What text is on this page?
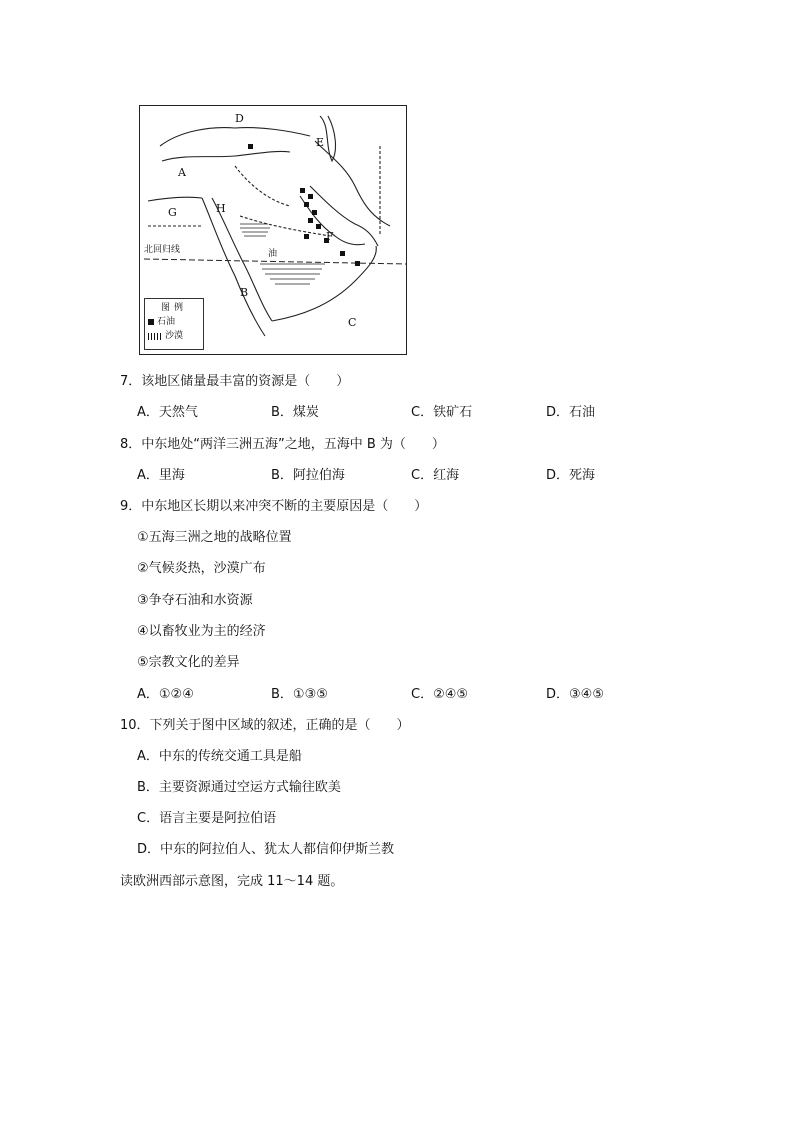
D
E
A
G	H
F
B
C
北回归线	油
图例
石油
沙漠
7．该地区储量最丰富的资源是（　　）
A．天然气	B．煤炭	C．铁矿石	D．石油
8．中东地处“两洋三洲五海”之地，五海中 B 为（　　）
A．里海	B．阿拉伯海	C．红海	D．死海
9．中东地区长期以来冲突不断的主要原因是（　　）
①五海三洲之地的战略位置
②气候炎热，沙漠广布
③争夺石油和水资源
④以畜牧业为主的经济
⑤宗教文化的差异
A．①②④	B．①③⑤	C．②④⑤	D．③④⑤
10．下列关于图中区域的叙述，正确的是（　　）
A．中东的传统交通工具是船
B．主要资源通过空运方式输往欧美
C．语言主要是阿拉伯语
D．中东的阿拉伯人、犹太人都信仰伊斯兰教
读欧洲西部示意图，完成 11～14 题。
